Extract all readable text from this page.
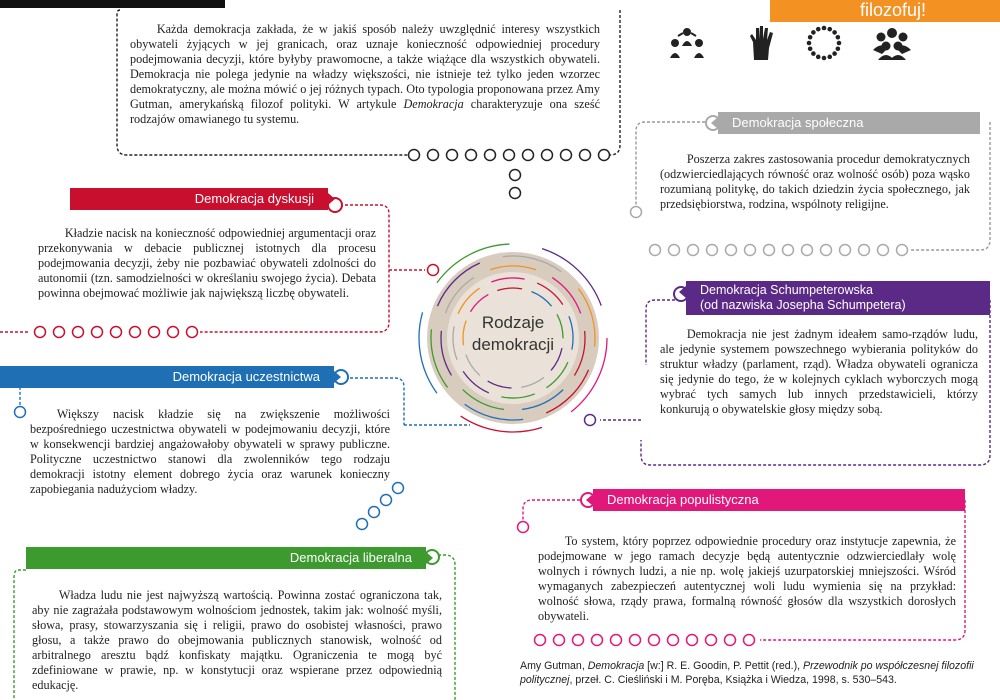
filozofuj!

Każda demokracja zakłada, że w jakiś sposób należy uwzględnić interesy wszystkich obywateli żyjących w jej granicach, oraz uznaje konieczność odpowiedniej procedury podejmowania decyzji, które byłyby prawomocne, a także wiążące dla wszystkich obywateli. Demokracja nie polega jedynie na władzy większości, nie istnieje też tylko jeden wzorzec demokratyczny, ale można mówić o jej różnych typach. Oto typologia proponowana przez Amy Gutman, amerykańską filozof polityki. W artykule Demokracja charakteryzuje ona sześć rodzajów omawianego tu systemu.

Rodzaje
demokracji
Demokracja społeczna

Poszerza zakres zastosowania procedur demokratycznych (odzwierciedlających równość oraz wolność osób) poza wąsko rozumianą politykę, do takich dziedzin życia społecznego, jak przedsiębiorstwa, rodzina, wspólnoty religijne.

Demokracja Schumpeterowska
(od nazwiska Josepha Schumpetera)

Demokracja nie jest żadnym ideałem samo-rządów ludu, ale jedynie systemem powszechnego wybierania polityków do struktur władzy (parlament, rząd). Władza obywateli ogranicza się jedynie do tego, że w kolejnych cyklach wyborczych mogą wybrać tych samych lub innych przedstawicieli, którzy konkurują o obywatelskie głosy między sobą.

Demokracja populistyczna

To system, który poprzez odpowiednie procedury oraz instytucje zapewnia, że podejmowane w jego ramach decyzje będą autentycznie odzwierciedlały wolę wolnych i równych ludzi, a nie np. wolę jakiejś uzurpatorskiej mniejszości. Wśród wymaganych zabezpieczeń autentycznej woli ludu wymienia się na przykład: wolność słowa, rządy prawa, formalną równość głosów dla wszystkich dorosłych obywateli.

Demokracja dyskusji

Kładzie nacisk na konieczność odpowiedniej argumentacji oraz przekonywania w debacie publicznej istotnych dla procesu podejmowania decyzji, żeby nie pozbawiać obywateli zdolności do autonomii (tzn. samodzielności w określaniu swojego życia). Debata powinna obejmować możliwie jak największą liczbę obywateli.

Demokracja uczestnictwa

Większy nacisk kładzie się na zwiększenie możliwości bezpośredniego uczestnictwa obywateli w podejmowaniu decyzji, które w konsekwencji bardziej angażowałoby obywateli w sprawy publiczne. Polityczne uczestnictwo stanowi dla zwolenników tego rodzaju demokracji istotny element dobrego życia oraz warunek konieczny zapobiegania nadużyciom władzy.

Demokracja liberalna

Władza ludu nie jest najwyższą wartością. Powinna zostać ograniczona tak, aby nie zagrażała podstawowym wolnościom jednostek, takim jak: wolność myśli, słowa, prasy, stowarzyszania się i religii, prawo do osobistej własności, prawo głosu, a także prawo do obejmowania publicznych stanowisk, wolność od arbitralnego aresztu bądź konfiskaty majątku. Ograniczenia te mogą być zdefiniowane w prawie, np. w konstytucji oraz wspierane przez odpowiednią edukację.

Amy Gutman, Demokracja [w:] R. E. Goodin, P. Pettit (red.), Przewodnik po współczesnej filozofii politycznej, przeł. C. Cieśliński i M. Poręba, Książka i Wiedza, 1998, s. 530–543.
